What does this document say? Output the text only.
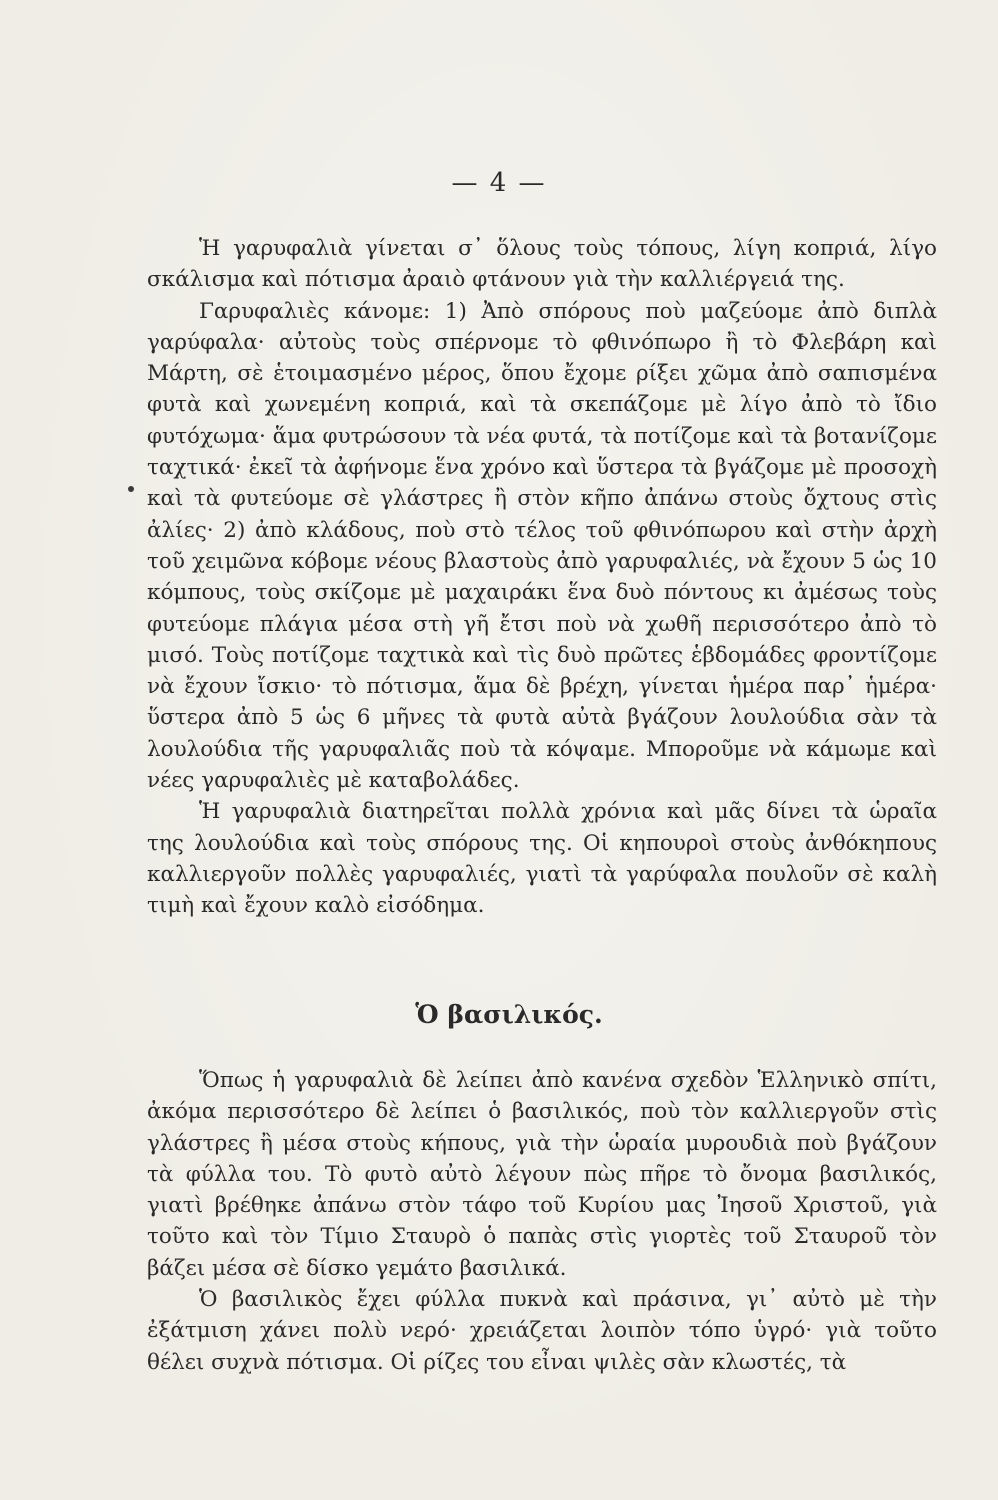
— 4 —

Ἡ γαρυφαλιὰ γίνεται σ᾿ ὅλους τοὺς τόπους, λίγη κοπριά, λίγο σκάλισμα καὶ πότισμα ἀραιὸ φτάνουν γιὰ τὴν καλλιέργειά της.

Γαρυφαλιὲς κάνομε: 1) Ἀπὸ σπόρους ποὺ μαζεύομε ἀπὸ διπλὰ γαρύφαλα· αὐτοὺς τοὺς σπέρνομε τὸ φθινόπωρο ἢ τὸ Φλεβάρη καὶ Μάρτη, σὲ ἑτοιμασμένο μέρος, ὅπου ἔχομε ρίξει χῶμα ἀπὸ σαπισμένα φυτὰ καὶ χωνεμένη κοπριά, καὶ τὰ σκεπάζομε μὲ λίγο ἀπὸ τὸ ἴδιο φυτόχωμα· ἅμα φυτρώσουν τὰ νέα φυτά, τὰ ποτίζομε καὶ τὰ βοτανίζομε ταχτικά· ἐκεῖ τὰ ἀφήνομε ἕνα χρόνο καὶ ὕστερα τὰ βγάζομε μὲ προσοχὴ καὶ τὰ φυτεύομε σὲ γλάστρες ἢ στὸν κῆπο ἀπάνω στοὺς ὄχτους στὶς ἀλίες· 2) ἀπὸ κλάδους, ποὺ στὸ τέλος τοῦ φθινόπωρου καὶ στὴν ἀρχὴ τοῦ χειμῶνα κόβομε νέους βλαστοὺς ἀπὸ γαρυφαλιές, νὰ ἔχουν 5 ὡς 10 κόμπους, τοὺς σκίζομε μὲ μαχαιράκι ἕνα δυὸ πόντους κι ἀμέσως τοὺς φυτεύομε πλάγια μέσα στὴ γῆ ἔτσι ποὺ νὰ χωθῆ περισσότερο ἀπὸ τὸ μισό. Τοὺς ποτίζομε ταχτικὰ καὶ τὶς δυὸ πρῶτες ἑβδομάδες φροντίζομε νὰ ἔχουν ἴσκιο· τὸ πότισμα, ἅμα δὲ βρέχη, γίνεται ἡμέρα παρ᾿ ἡμέρα· ὕστερα ἀπὸ 5 ὡς 6 μῆνες τὰ φυτὰ αὐτὰ βγάζουν λουλούδια σὰν τὰ λουλούδια τῆς γαρυφαλιᾶς ποὺ τὰ κόψαμε. Μποροῦμε νὰ κάμωμε καὶ νέες γαρυφαλιὲς μὲ καταβολάδες.

Ἡ γαρυφαλιὰ διατηρεῖται πολλὰ χρόνια καὶ μᾶς δίνει τὰ ὡραῖα της λουλούδια καὶ τοὺς σπόρους της. Οἱ κηπουροὶ στοὺς ἀνθόκηπους καλλιεργοῦν πολλὲς γαρυφαλιές, γιατὶ τὰ γαρύφαλα πουλοῦν σὲ καλὴ τιμὴ καὶ ἔχουν καλὸ εἰσόδημα.

Ὁ βασιλικός.

Ὅπως ἡ γαρυφαλιὰ δὲ λείπει ἀπὸ κανένα σχεδὸν Ἑλληνικὸ σπίτι, ἀκόμα περισσότερο δὲ λείπει ὁ βασιλικός, ποὺ τὸν καλλιεργοῦν στὶς γλάστρες ἢ μέσα στοὺς κήπους, γιὰ τὴν ὡραία μυρουδιὰ ποὺ βγάζουν τὰ φύλλα του. Τὸ φυτὸ αὐτὸ λέγουν πὼς πῆρε τὸ ὄνομα βασιλικός, γιατὶ βρέθηκε ἀπάνω στὸν τάφο τοῦ Κυρίου μας Ἰησοῦ Χριστοῦ, γιὰ τοῦτο καὶ τὸν Τίμιο Σταυρὸ ὁ παπὰς στὶς γιορτὲς τοῦ Σταυροῦ τὸν βάζει μέσα σὲ δίσκο γεμάτο βασιλικά.

Ὁ βασιλικὸς ἔχει φύλλα πυκνὰ καὶ πράσινα, γι᾿ αὐτὸ μὲ τὴν ἐξάτμιση χάνει πολὺ νερό· χρειάζεται λοιπὸν τόπο ὑγρό· γιὰ τοῦτο θέλει συχνὰ πότισμα. Οἱ ρίζες του εἶναι ψιλὲς σὰν κλωστές, τὰ
